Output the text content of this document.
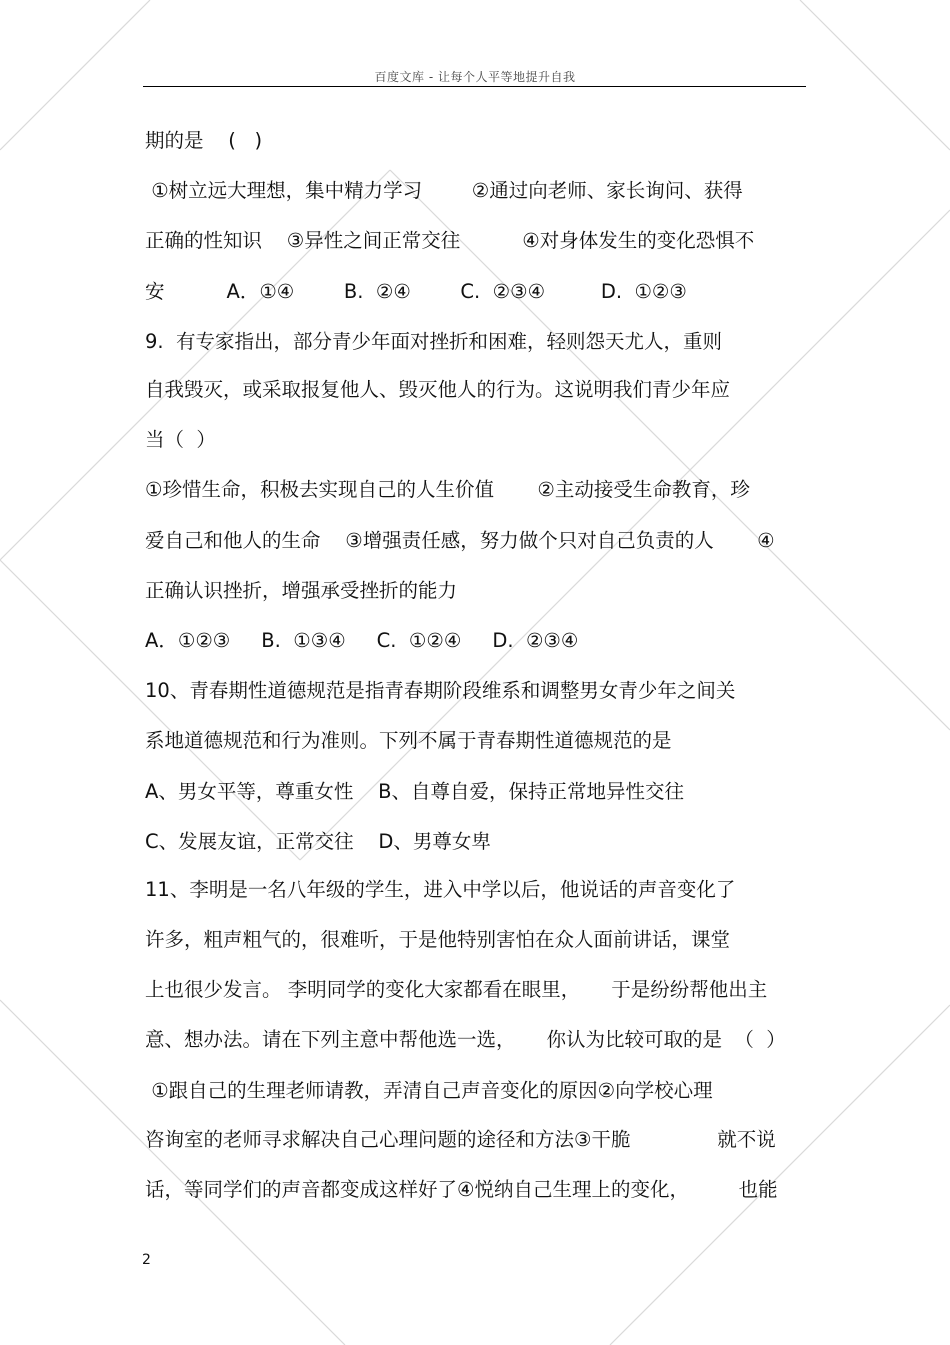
百度文库 - 让每个人平等地提升自我
期的是    (   )
①树立远大理想，集中精力学习        ②通过向老师、家长询问、获得
正确的性知识    ③异性之间正常交往          ④对身体发生的变化恐惧不
安          A．①④        B.  ②④        C.  ②③④         D.  ①②③
9.  有专家指出，部分青少年面对挫折和困难，轻则怨天尤人，重则
自我毁灭，或采取报复他人、毁灭他人的行为。这说明我们青少年应
当（  ）
①珍惜生命，积极去实现自己的人生价值       ②主动接受生命教育，珍
爱自己和他人的生命    ③增强责任感，努力做个只对自己负责的人       ④
正确认识挫折，增强承受挫折的能力
A．①②③     B.  ①③④     C.  ①②④     D.  ②③④
10、青春期性道德规范是指青春期阶段维系和调整男女青少年之间关
系地道德规范和行为准则。下列不属于青春期性道德规范的是
A、男女平等，尊重女性    B、自尊自爱，保持正常地异性交往
C、发展友谊，正常交往    D、男尊女卑
11、李明是一名八年级的学生，进入中学以后，他说话的声音变化了
许多，粗声粗气的，很难听，于是他特别害怕在众人面前讲话，课堂
上也很少发言。 李明同学的变化大家都看在眼里，     于是纷纷帮他出主
意、想办法。请在下列主意中帮他选一选，     你认为比较可取的是  （  ）
①跟自己的生理老师请教，弄清自己声音变化的原因②向学校心理
咨询室的老师寻求解决自己心理问题的途径和方法③干脆              就不说
话，等同学们的声音都变成这样好了④悦纳自己生理上的变化，        也能
2
